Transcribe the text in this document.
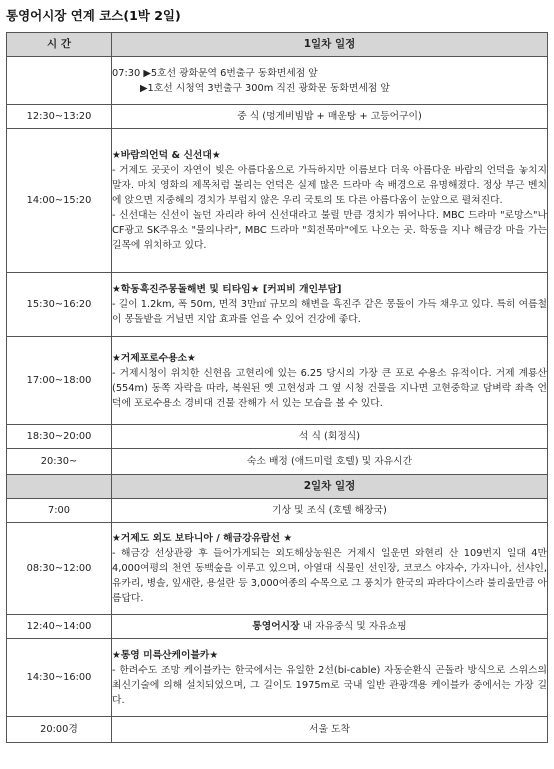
통영어시장 연계 코스(1박 2일)
시 간	1일차 일정

	07:30 ▶5호선 광화문역 6번출구 동화면세점 앞
▶1호선 시청역 3번출구 300m 직진 광화문 동화면세점 앞

12:30~13:20	중 식 (멍게비빔밥 + 매운탕 + 고등어구이)
14:00~15:20	★바람의언덕 & 신선대★
- 거제도 곳곳이 자연이 빚은 아름다움으로 가득하지만 이름보다 더욱 아름다운 바람의 언덕을 놓치지 말자. 마치 영화의 제목처럼 불리는 언덕은 실제 많은 드라마 속 배경으로 유명해졌다. 정상 부근 벤치에 앉으면 지중해의 경치가 부럽지 않은 우리 국토의 또 다른 아름다움이 눈앞으로 펼쳐진다.
- 신선대는 신선이 놀던 자리라 하여 신선대라고 불릴 만큼 경치가 뛰어나다. MBC 드라마 "로망스"나 CF광고 SK주유소 "물의나라", MBC 드라마 "회전목마"에도 나오는 곳. 학동을 지나 해금강 마을 가는 길목에 위치하고 있다.

15:30~16:20	★학동흑진주몽돌해변 및 티타임★ [커피비 개인부담]
- 길이 1.2km, 폭 50m, 면적 3만㎡ 규모의 해변을 흑진주 같은 몽돌이 가득 채우고 있다. 특히 여름철 이 몽돌밭을 거닐면 지압 효과를 얻을 수 있어 건강에 좋다.

17:00~18:00	★거제포로수용소★
- 거제시청이 위치한 신현읍 고현리에 있는 6.25 당시의 가장 큰 포로 수용소 유적이다. 거제 계룡산(554m) 동쪽 자락을 따라, 복원된 옛 고현성과 그 옆 시청 건물을 지나면 고현중학교 담벼락 좌측 언덕에 포로수용소 경비대 건물 잔해가 서 있는 모습을 볼 수 있다.

18:30~20:00	석 식 (회정식)
20:30~	숙소 배정 (애드미럴 호텔) 및 자유시간
	2일차 일정
7:00	기상 및 조식 (호텔 해장국)
08:30~12:00	★거제도 외도 보타니아 / 해금강유람선 ★
- 해금강 선상관광 후 들어가게되는 외도해상농원은 거제시 일운면 와현리 산 109번지 일대 4만 4,000여평의 천연 동백숲을 이루고 있으며, 아열대 식물인 선인장, 코코스 야자수, 가자니아, 선샤인, 유카리, 병솔, 잎새란, 용설란 등 3,000여종의 수목으로 그 풍치가 한국의 파라다이스라 불리울만큼 아름답다.

12:40~14:00	통영어시장 내 자유중식 및 자유쇼핑
14:30~16:00	★통영 미륵산케이블카★
- 한려수도 조망 케이블카는 한국에서는 유일한 2선(bi-cable) 자동순환식 곤돌라 방식으로 스위스의 최신기술에 의해 설치되었으며, 그 길이도 1975m로 국내 일반 관광객용 케이블카 중에서는 가장 길다.

20:00경	서울 도착
